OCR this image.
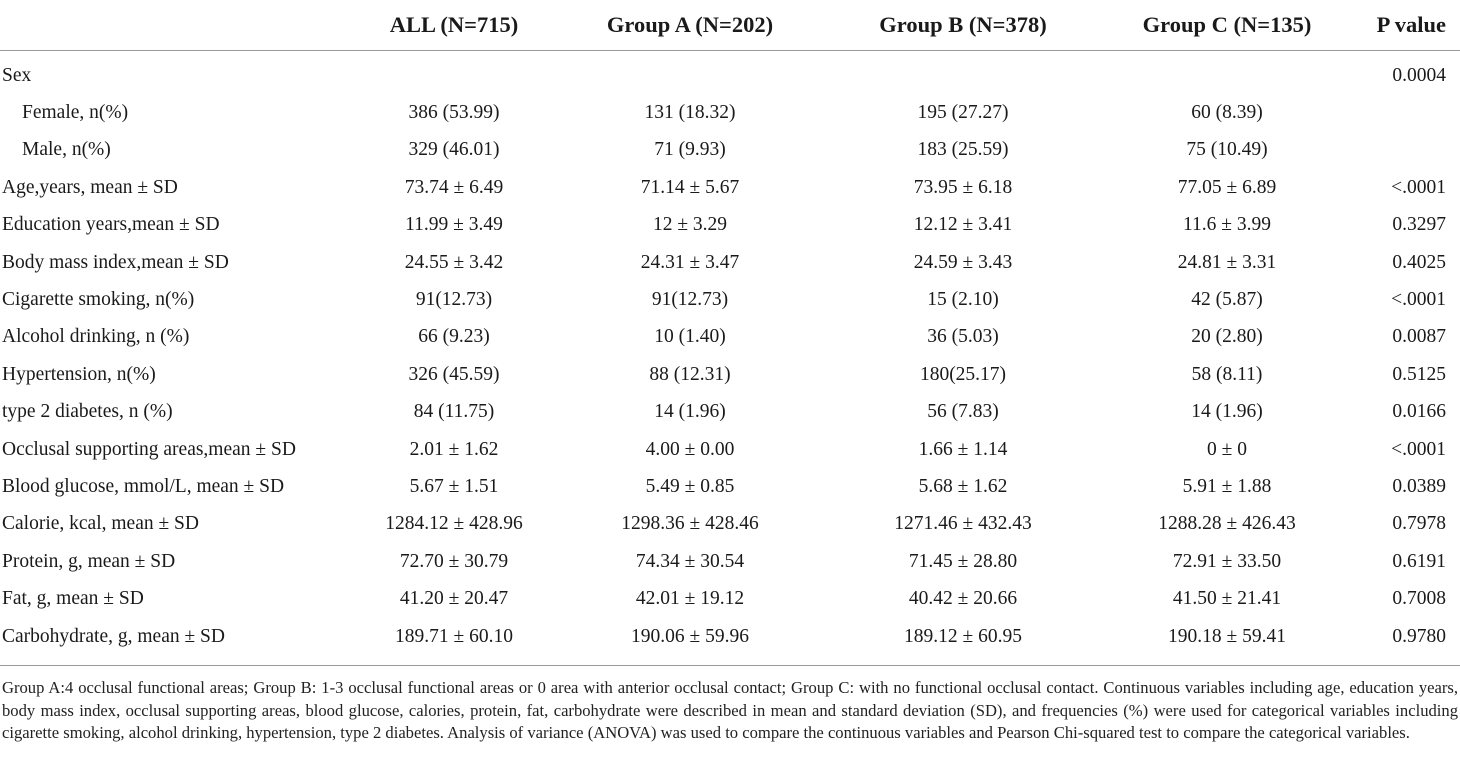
	ALL (N=715)	Group A (N=202)	Group B (N=378)	Group C (N=135)	P value
Sex					0.0004
Female, n(%)	386 (53.99)	131 (18.32)	195 (27.27)	60 (8.39)	
Male, n(%)	329 (46.01)	71 (9.93)	183 (25.59)	75 (10.49)	
Age,years, mean ± SD	73.74 ± 6.49	71.14 ± 5.67	73.95 ± 6.18	77.05 ± 6.89	<.0001
Education years,mean ± SD	11.99 ± 3.49	12 ± 3.29	12.12 ± 3.41	11.6 ± 3.99	0.3297
Body mass index,mean ± SD	24.55 ± 3.42	24.31 ± 3.47	24.59 ± 3.43	24.81 ± 3.31	0.4025
Cigarette smoking, n(%)	91(12.73)	91(12.73)	15 (2.10)	42 (5.87)	<.0001
Alcohol drinking, n (%)	66 (9.23)	10 (1.40)	36 (5.03)	20 (2.80)	0.0087
Hypertension, n(%)	326 (45.59)	88 (12.31)	180(25.17)	58 (8.11)	0.5125
type 2 diabetes, n (%)	84 (11.75)	14 (1.96)	56 (7.83)	14 (1.96)	0.0166
Occlusal supporting areas,mean ± SD	2.01 ± 1.62	4.00 ± 0.00	1.66 ± 1.14	0 ± 0	<.0001
Blood glucose, mmol/L, mean ± SD	5.67 ± 1.51	5.49 ± 0.85	5.68 ± 1.62	5.91 ± 1.88	0.0389
Calorie, kcal, mean ± SD	1284.12 ± 428.96	1298.36 ± 428.46	1271.46 ± 432.43	1288.28 ± 426.43	0.7978
Protein, g, mean ± SD	72.70 ± 30.79	74.34 ± 30.54	71.45 ± 28.80	72.91 ± 33.50	0.6191
Fat, g, mean ± SD	41.20 ± 20.47	42.01 ± 19.12	40.42 ± 20.66	41.50 ± 21.41	0.7008
Carbohydrate, g, mean ± SD	189.71 ± 60.10	190.06 ± 59.96	189.12 ± 60.95	190.18 ± 59.41	0.9780
Group A:4 occlusal functional areas; Group B: 1-3 occlusal functional areas or 0 area with anterior occlusal contact; Group C: with no functional occlusal contact. Continuous variables including age, education years, body mass index, occlusal supporting areas, blood glucose, calories, protein, fat, carbohydrate were described in mean and standard deviation (SD), and frequencies (%) were used for categorical variables including cigarette smoking, alcohol drinking, hypertension, type 2 diabetes. Analysis of variance (ANOVA) was used to compare the continuous variables and Pearson Chi-squared test to compare the categorical variables.
